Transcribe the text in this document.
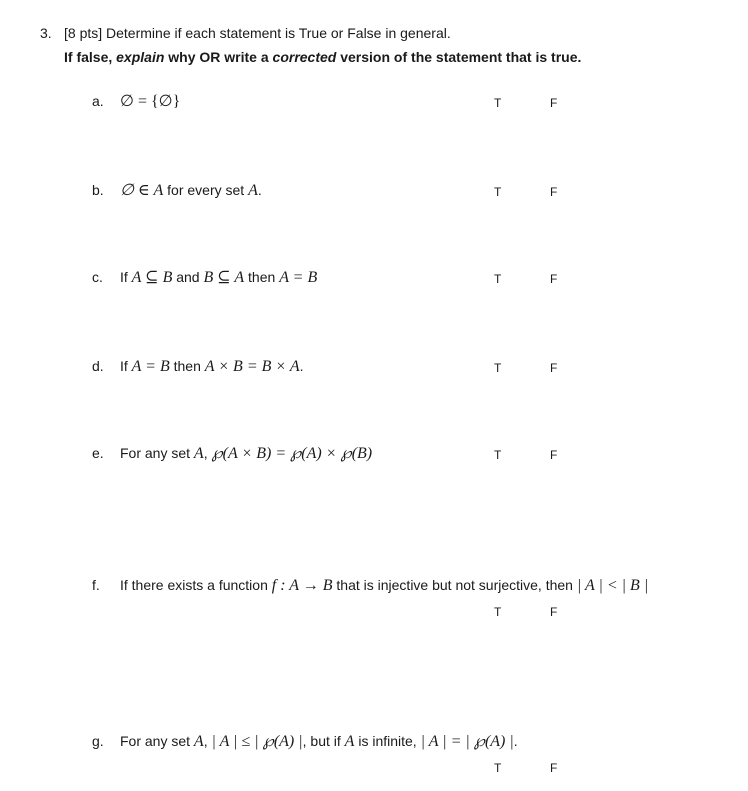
3. [8 pts] Determine if each statement is True or False in general.
If false, explain why OR write a corrected version of the statement that is true.
a. ∅ = {∅}	T	F
b. ∅ ∈ A for every set A.	T	F
c. If A ⊆ B and B ⊆ A then A = B	T	F
d. If A = B then A × B = B × A.	T	F
e. For any set A, ℘(A × B) = ℘(A) × ℘(B)	T	F
f. If there exists a function f : A → B that is injective but not surjective, then | A | < | B |
T	F
g. For any set A, | A | ≤ | ℘(A) |, but if A is infinite, | A | = | ℘(A) |.
T	F
